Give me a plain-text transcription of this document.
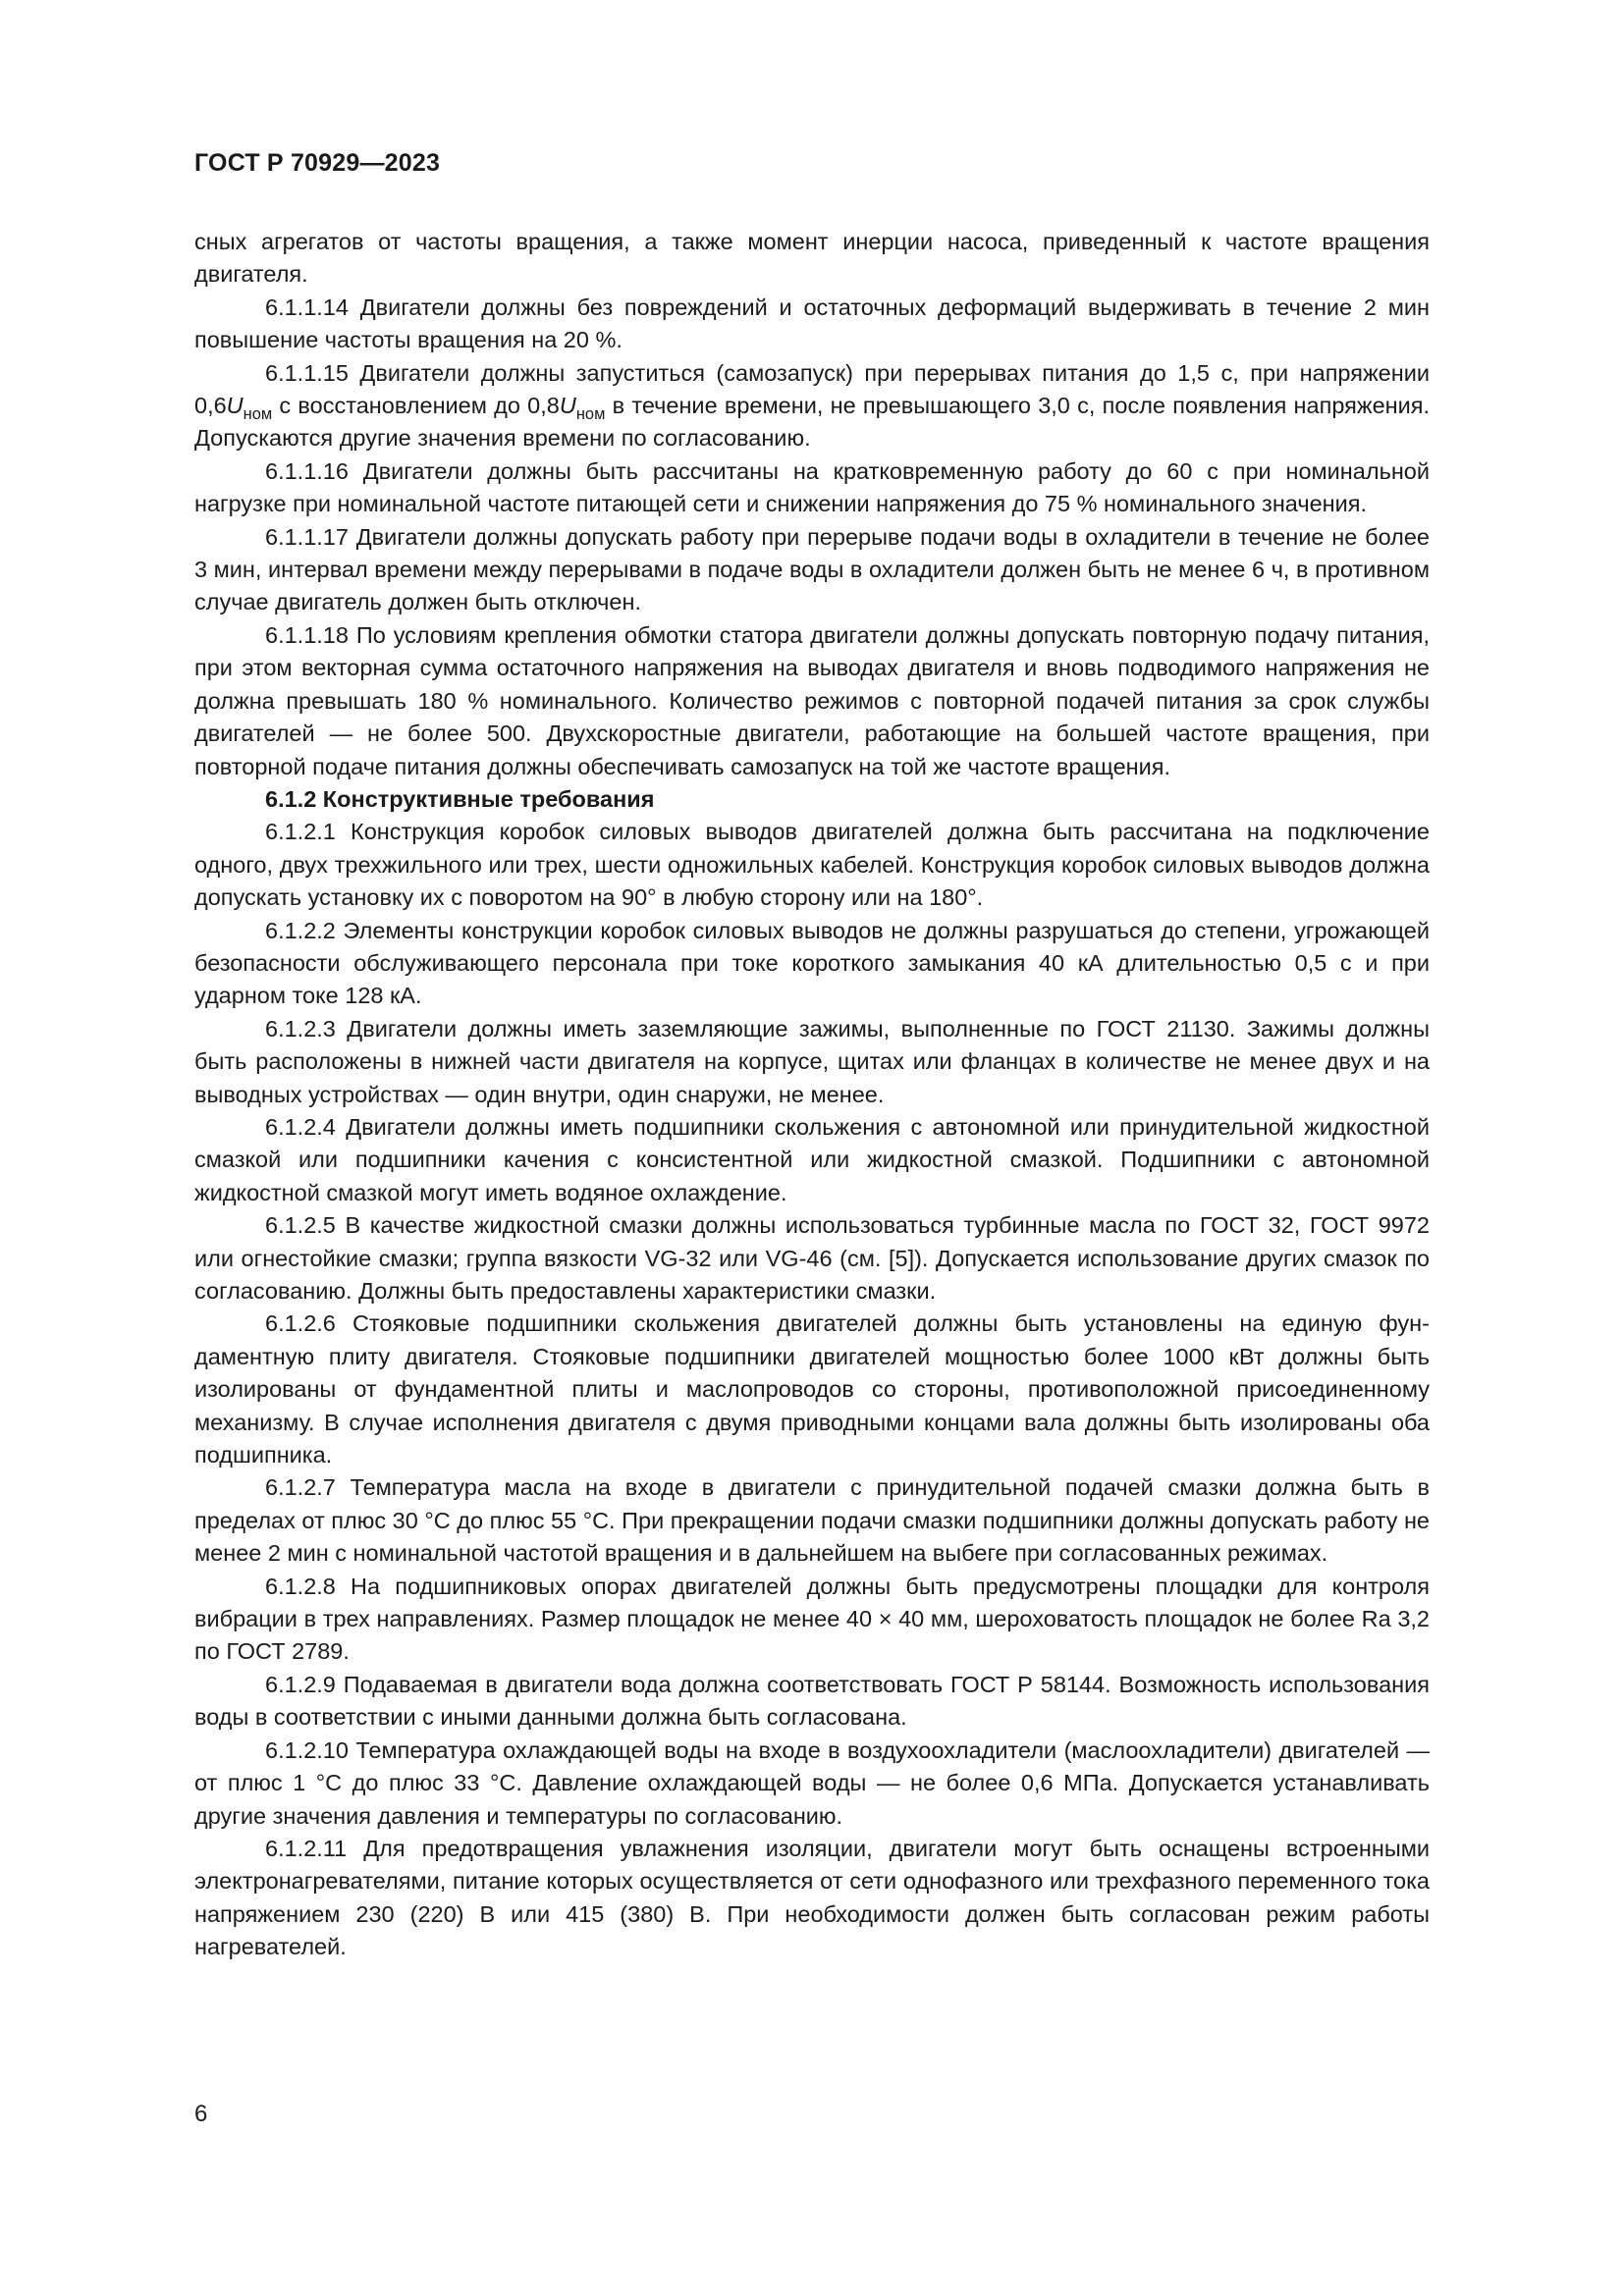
ГОСТ Р 70929—2023

сных агрегатов от частоты вращения, а также момент инерции насоса, приведенный к частоте вращения двигателя.

6.1.1.14 Двигатели должны без повреждений и остаточных деформаций выдерживать в течение 2 мин повышение частоты вращения на 20 %.

6.1.1.15 Двигатели должны запуститься (самозапуск) при перерывах питания до 1,5 с, при напряжении $0,6U_{ном}$ с восстановлением до $0,8U_{ном}$ в течение времени, не превышающего 3,0 с, после появления напряжения. Допускаются другие значения времени по согласованию.

6.1.1.16 Двигатели должны быть рассчитаны на кратковременную работу до 60 с при номинальной нагрузке при номинальной частоте питающей сети и снижении напряжения до 75 % номинального значения.

6.1.1.17 Двигатели должны допускать работу при перерыве подачи воды в охладители в течение не более 3 мин, интервал времени между перерывами в подаче воды в охладители должен быть не менее 6 ч, в противном случае двигатель должен быть отключен.

6.1.1.18 По условиям крепления обмотки статора двигатели должны допускать повторную подачу питания, при этом векторная сумма остаточного напряжения на выводах двигателя и вновь подводимого напряжения не должна превышать 180 % номинального. Количество режимов с повторной подачей питания за срок службы двигателей — не более 500. Двухскоростные двигатели, работающие на большей частоте вращения, при повторной подаче питания должны обеспечивать самозапуск на той же частоте вращения.

6.1.2 Конструктивные требования

6.1.2.1 Конструкция коробок силовых выводов двигателей должна быть рассчитана на подключение одного, двух трехжильного или трех, шести одножильных кабелей. Конструкция коробок силовых выводов должна допускать установку их с поворотом на 90° в любую сторону или на 180°.

6.1.2.2 Элементы конструкции коробок силовых выводов не должны разрушаться до степени, угрожающей безопасности обслуживающего персонала при токе короткого замыкания 40 кА длительностью 0,5 с и при ударном токе 128 кА.

6.1.2.3 Двигатели должны иметь заземляющие зажимы, выполненные по ГОСТ 21130. Зажимы должны быть расположены в нижней части двигателя на корпусе, щитах или фланцах в количестве не менее двух и на выводных устройствах — один внутри, один снаружи, не менее.

6.1.2.4 Двигатели должны иметь подшипники скольжения с автономной или принудительной жидкостной смазкой или подшипники качения с консистентной или жидкостной смазкой. Подшипники с автономной жидкостной смазкой могут иметь водяное охлаждение.

6.1.2.5 В качестве жидкостной смазки должны использоваться турбинные масла по ГОСТ 32, ГОСТ 9972 или огнестойкие смазки; группа вязкости VG-32 или VG-46 (см. [5]). Допускается использование других смазок по согласованию. Должны быть предоставлены характеристики смазки.

6.1.2.6 Стояковые подшипники скольжения двигателей должны быть установлены на единую фундаментную плиту двигателя. Стояковые подшипники двигателей мощностью более 1000 кВт должны быть изолированы от фундаментной плиты и маслопроводов со стороны, противоположной присоединенному механизму. В случае исполнения двигателя с двумя приводными концами вала должны быть изолированы оба подшипника.

6.1.2.7 Температура масла на входе в двигатели с принудительной подачей смазки должна быть в пределах от плюс 30 °С до плюс 55 °С. При прекращении подачи смазки подшипники должны допускать работу не менее 2 мин с номинальной частотой вращения и в дальнейшем на выбеге при согласованных режимах.

6.1.2.8 На подшипниковых опорах двигателей должны быть предусмотрены площадки для контроля вибрации в трех направлениях. Размер площадок не менее 40 × 40 мм, шероховатость площадок не более Ra 3,2 по ГОСТ 2789.

6.1.2.9 Подаваемая в двигатели вода должна соответствовать ГОСТ Р 58144. Возможность использования воды в соответствии с иными данными должна быть согласована.

6.1.2.10 Температура охлаждающей воды на входе в воздухоохладители (маслоохладители) двигателей — от плюс 1 °С до плюс 33 °С. Давление охлаждающей воды — не более 0,6 МПа. Допускается устанавливать другие значения давления и температуры по согласованию.

6.1.2.11 Для предотвращения увлажнения изоляции, двигатели могут быть оснащены встроенными электронагревателями, питание которых осуществляется от сети однофазного или трехфазного переменного тока напряжением 230 (220) В или 415 (380) В. При необходимости должен быть согласован режим работы нагревателей.

6
